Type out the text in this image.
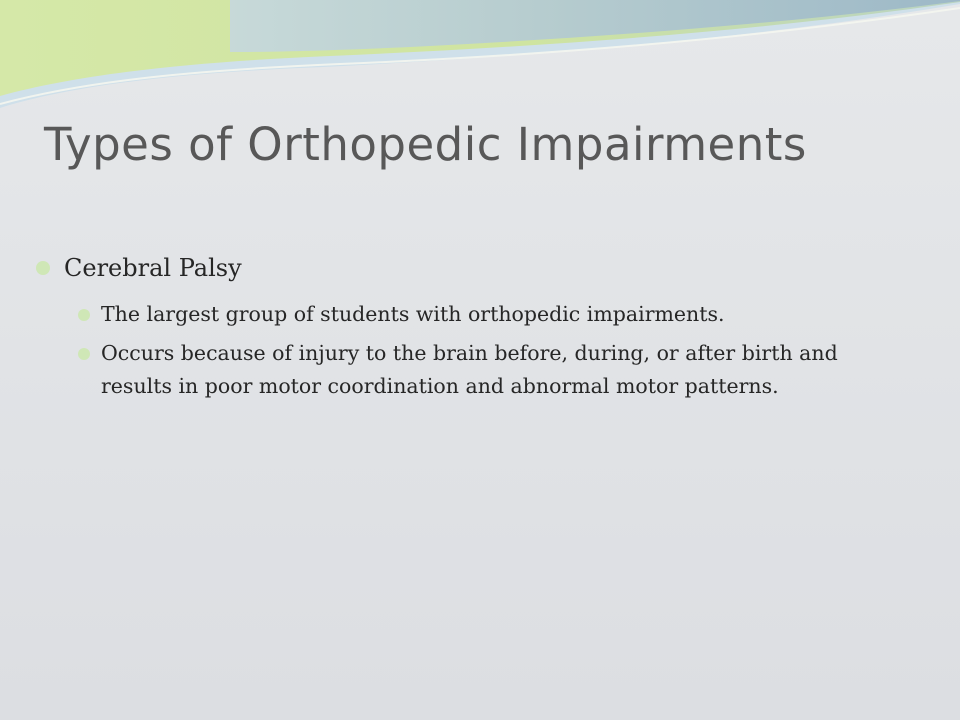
Types of Orthopedic Impairments
Cerebral Palsy
The largest group of students with orthopedic impairments.
Occurs because of injury to the brain before, during, or after birth and results in poor motor coordination and abnormal motor patterns.
